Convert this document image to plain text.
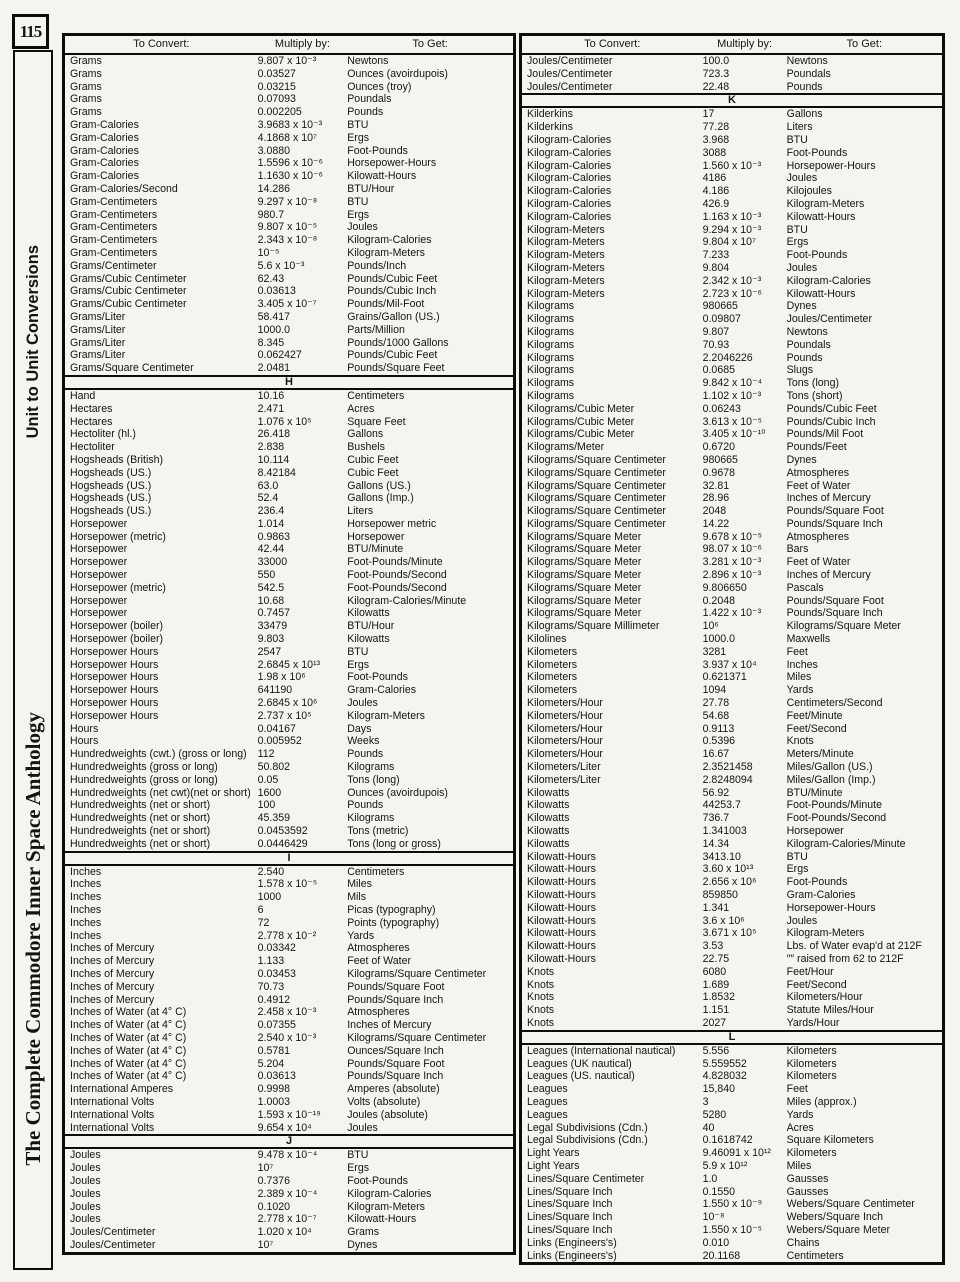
115
Unit to Unit Conversions
The Complete Commodore Inner Space Anthology
To Convert:	Multiply by:	To Get:
Grams	9.807 x 10⁻³	Newtons
Grams	0.03527	Ounces (avoirdupois)
Grams	0.03215	Ounces (troy)
Grams	0.07093	Poundals
Grams	0.002205	Pounds
Gram-Calories	3.9683 x 10⁻³ BTU
Gram-Calories	4.1868 x 10⁷	Ergs
Gram-Calories	3.0880	Foot-Pounds
Gram-Calories	1.5596 x 10⁻⁶ Horsepower-Hours
Gram-Calories	1.1630 x 10⁻⁶ Kilowatt-Hours
Gram-Calories/Second	14.286	BTU/Hour
Gram-Centimeters	9.297 x 10⁻⁸	BTU
Gram-Centimeters	980.7	Ergs
Gram-Centimeters	9.807 x 10⁻⁵	Joules
Gram-Centimeters	2.343 x 10⁻⁸	Kilogram-Calories
Gram-Centimeters	10⁻⁵	Kilogram-Meters
Grams/Centimeter	5.6 x 10⁻³	Pounds/Inch
Grams/Cubic Centimeter	62.43	Pounds/Cubic Feet
Grams/Cubic Centimeter	0.03613	Pounds/Cubic Inch
Grams/Cubic Centimeter	3.405 x 10⁻⁷	Pounds/Mil-Foot
Grams/Liter	58.417	Grains/Gallon (US.)
Grams/Liter	1000.0	Parts/Million
Grams/Liter	8.345	Pounds/1000 Gallons
Grams/Liter	0.062427	Pounds/Cubic Feet
Grams/Square Centimeter	2.0481	Pounds/Square Feet
H
Hand	10.16	Centimeters
Hectares	2.471	Acres
Hectares	1.076 x 10⁵	Square Feet
Hectoliter (hl.)	26.418	Gallons
Hectoliter	2.838	Bushels
Hogsheads (British)	10.114	Cubic Feet
Hogsheads (US.)	8.42184	Cubic Feet
Hogsheads (US.)	63.0	Gallons (US.)
Hogsheads (US.)	52.4	Gallons (Imp.)
Hogsheads (US.)	236.4	Liters
Horsepower	1.014	Horsepower metric
Horsepower (metric)	0.9863	Horsepower
Horsepower	42.44	BTU/Minute
Horsepower	33000	Foot-Pounds/Minute
Horsepower	550	Foot-Pounds/Second
Horsepower (metric)	542.5	Foot-Pounds/Second
Horsepower	10.68	Kilogram-Calories/Minute
Horsepower	0.7457	Kilowatts
Horsepower (boiler)	33479	BTU/Hour
Horsepower (boiler)	9.803	Kilowatts
Horsepower Hours	2547	BTU
Horsepower Hours	2.6845 x 10¹³	Ergs
Horsepower Hours	1.98 x 10⁶	Foot-Pounds
Horsepower Hours	641190	Gram-Calories
Horsepower Hours	2.6845 x 10⁶	Joules
Horsepower Hours	2.737 x 10⁵	Kilogram-Meters
Hours	0.04167	Days
Hours	0.005952	Weeks
Hundredweights (cwt.) (gross or long) 112	Pounds
Hundredweights (gross or long)	50.802	Kilograms
Hundredweights (gross or long)	0.05	Tons (long)
Hundredweights (net cwt)(net or short) 1600	Ounces (avoirdupois)
Hundredweights (net or short)	100	Pounds
Hundredweights (net or short)	45.359	Kilograms
Hundredweights (net or short)	0.0453592	Tons (metric)
Hundredweights (net or short)	0.0446429	Tons (long or gross)
I
Inches	2.540	Centimeters
Inches	1.578 x 10⁻⁵	Miles
Inches	1000	Mils
Inches	6	Picas (typography)
Inches	72	Points (typography)
Inches	2.778 x 10⁻²	Yards
Inches of Mercury	0.03342	Atmospheres
Inches of Mercury	1.133	Feet of Water
Inches of Mercury	0.03453	Kilograms/Square Centimeter
Inches of Mercury	70.73	Pounds/Square Foot
Inches of Mercury	0.4912	Pounds/Square Inch
Inches of Water (at 4° C)	2.458 x 10⁻³	Atmospheres
Inches of Water (at 4° C)	0.07355	Inches of Mercury
Inches of Water (at 4° C)	2.540 x 10⁻³	Kilograms/Square Centimeter
Inches of Water (at 4° C)	0.5781	Ounces/Square Inch
Inches of Water (at 4° C)	5.204	Pounds/Square Foot
Inches of Water (at 4° C)	0.03613	Pounds/Square Inch
International Amperes	0.9998	Amperes (absolute)
International Volts	1.0003	Volts (absolute)
International Volts	1.593 x 10⁻¹⁹ Joules (absolute)
International Volts	9.654 x 10⁴	Joules
J
Joules	9.478 x 10⁻⁴	BTU
Joules	10⁷	Ergs
Joules	0.7376	Foot-Pounds
Joules	2.389 x 10⁻⁴	Kilogram-Calories
Joules	0.1020	Kilogram-Meters
Joules	2.778 x 10⁻⁷	Kilowatt-Hours
Joules/Centimeter	1.020 x 10⁴	Grams
Joules/Centimeter	10⁷	Dynes
To Convert:	Multiply by:	To Get:
Joules/Centimeter	100.0	Newtons
Joules/Centimeter	723.3	Poundals
Joules/Centimeter	22.48	Pounds
K
Kilderkins	17	Gallons
Kilderkins	77.28	Liters
Kilogram-Calories	3.968	BTU
Kilogram-Calories	3088	Foot-Pounds
Kilogram-Calories	1.560 x 10⁻³ Horsepower-Hours
Kilogram-Calories	4186	Joules
Kilogram-Calories	4.186	Kilojoules
Kilogram-Calories	426.9	Kilogram-Meters
Kilogram-Calories	1.163 x 10⁻³ Kilowatt-Hours
Kilogram-Meters	9.294 x 10⁻³ BTU
Kilogram-Meters	9.804 x 10⁷	Ergs
Kilogram-Meters	7.233	Foot-Pounds
Kilogram-Meters	9.804	Joules
Kilogram-Meters	2.342 x 10⁻³ Kilogram-Calories
Kilogram-Meters	2.723 x 10⁻⁶ Kilowatt-Hours
Kilograms	980665	Dynes
Kilograms	0.09807	Joules/Centimeter
Kilograms	9.807	Newtons
Kilograms	70.93	Poundals
Kilograms	2.2046226	Pounds
Kilograms	0.0685	Slugs
Kilograms	9.842 x 10⁻⁴ Tons (long)
Kilograms	1.102 x 10⁻³ Tons (short)
Kilograms/Cubic Meter	0.06243	Pounds/Cubic Feet
Kilograms/Cubic Meter	3.613 x 10⁻⁵ Pounds/Cubic Inch
Kilograms/Cubic Meter	3.405 x 10⁻¹⁰ Pounds/Mil Foot
Kilograms/Meter	0.6720	Pounds/Feet
Kilograms/Square Centimeter	980665	Dynes
Kilograms/Square Centimeter	0.9678	Atmospheres
Kilograms/Square Centimeter	32.81	Feet of Water
Kilograms/Square Centimeter	28.96	Inches of Mercury
Kilograms/Square Centimeter	2048	Pounds/Square Foot
Kilograms/Square Centimeter	14.22	Pounds/Square Inch
Kilograms/Square Meter	9.678 x 10⁻⁵ Atmospheres
Kilograms/Square Meter	98.07 x 10⁻⁶ Bars
Kilograms/Square Meter	3.281 x 10⁻³ Feet of Water
Kilograms/Square Meter	2.896 x 10⁻³ Inches of Mercury
Kilograms/Square Meter	9.806650	Pascals
Kilograms/Square Meter	0.2048	Pounds/Square Foot
Kilograms/Square Meter	1.422 x 10⁻³ Pounds/Square Inch
Kilograms/Square Millimeter	10⁶	Kilograms/Square Meter
Kilolines	1000.0	Maxwells
Kilometers	3281	Feet
Kilometers	3.937 x 10⁴	Inches
Kilometers	0.621371	Miles
Kilometers	1094	Yards
Kilometers/Hour	27.78	Centimeters/Second
Kilometers/Hour	54.68	Feet/Minute
Kilometers/Hour	0.9113	Feet/Second
Kilometers/Hour	0.5396	Knots
Kilometers/Hour	16.67	Meters/Minute
Kilometers/Liter	2.3521458	Miles/Gallon (US.)
Kilometers/Liter	2.8248094	Miles/Gallon (Imp.)
Kilowatts	56.92	BTU/Minute
Kilowatts	44253.7	Foot-Pounds/Minute
Kilowatts	736.7	Foot-Pounds/Second
Kilowatts	1.341003	Horsepower
Kilowatts	14.34	Kilogram-Calories/Minute
Kilowatt-Hours	3413.10	BTU
Kilowatt-Hours	3.60 x 10¹³	Ergs
Kilowatt-Hours	2.656 x 10⁶	Foot-Pounds
Kilowatt-Hours	859850	Gram-Calories
Kilowatt-Hours	1.341	Horsepower-Hours
Kilowatt-Hours	3.6 x 10⁶	Joules
Kilowatt-Hours	3.671 x 10⁵	Kilogram-Meters
Kilowatt-Hours	3.53	Lbs. of Water evap'd at 212F
Kilowatt-Hours	22.75	″″ raised from 62 to 212F
Knots	6080	Feet/Hour
Knots	1.689	Feet/Second
Knots	1.8532	Kilometers/Hour
Knots	1.151	Statute Miles/Hour
Knots	2027	Yards/Hour
L
Leagues (International nautical)	5.556	Kilometers
Leagues (UK nautical)	5.559552	Kilometers
Leagues (US. nautical)	4.828032	Kilometers
Leagues	15,840	Feet
Leagues	3	Miles (approx.)
Leagues	5280	Yards
Legal Subdivisions (Cdn.)	40	Acres
Legal Subdivisions (Cdn.)	0.1618742	Square Kilometers
Light Years	9.46091 x 10¹² Kilometers
Light Years	5.9 x 10¹²	Miles
Lines/Square Centimeter	1.0	Gausses
Lines/Square Inch	0.1550	Gausses
Lines/Square Inch	1.550 x 10⁻⁹ Webers/Square Centimeter
Lines/Square Inch	10⁻⁸	Webers/Square Inch
Lines/Square Inch	1.550 x 10⁻⁵ Webers/Square Meter
Links (Engineers's)	0.010	Chains
Links (Engineers's)	20.1168	Centimeters
